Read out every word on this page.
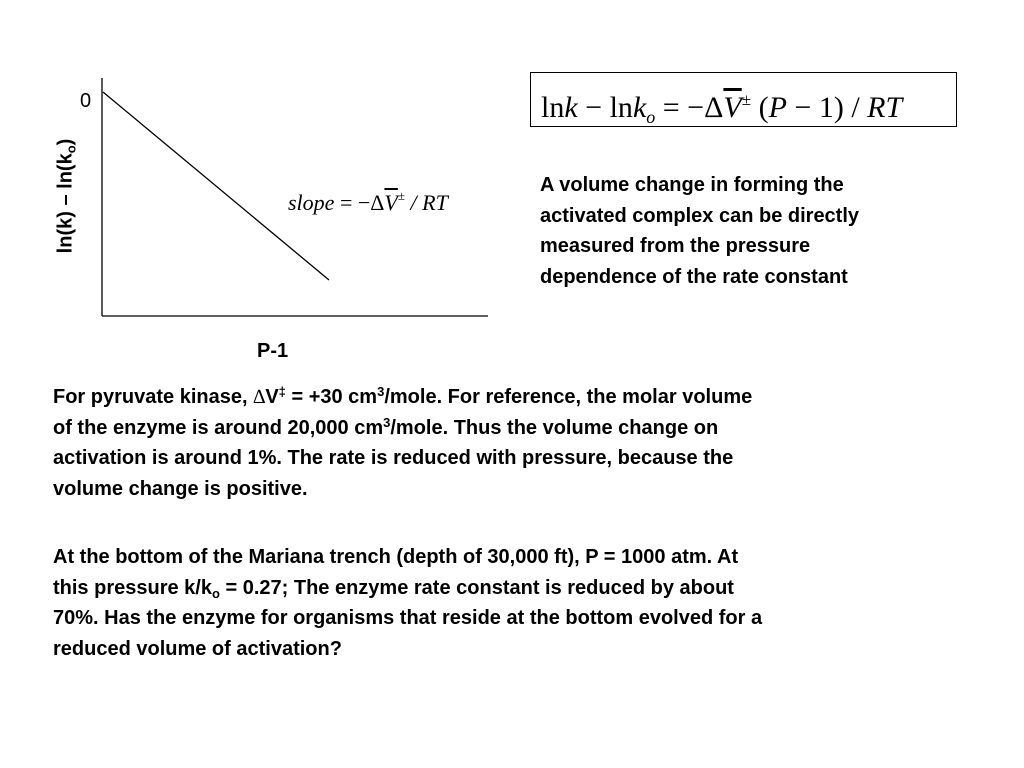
0
$\ln(k) - \ln(k_o)$
P-1
slope = $-\Delta\overline{V}^\pm$ / RT
$\ln k - \ln k_o = -\Delta\overline{V}^\pm$ (P − 1) / RT
A volume change in forming the
activated complex can be directly
measured from the pressure
dependence of the rate constant
For pyruvate kinase, ∆V‡ = +30 $cm^3$/mole. For reference, the molar volume
of the enzyme is around 20,000 $cm^3$/mole. Thus the volume change on
activation is around 1%. The rate is reduced with pressure, because the
volume change is positive.
At the bottom of the Mariana trench (depth of 30,000 ft), P = 1000 atm. At
this pressure $k/k_o = 0.27$; The enzyme rate constant is reduced by about
70%. Has the enzyme for organisms that reside at the bottom evolved for a
reduced volume of activation?
